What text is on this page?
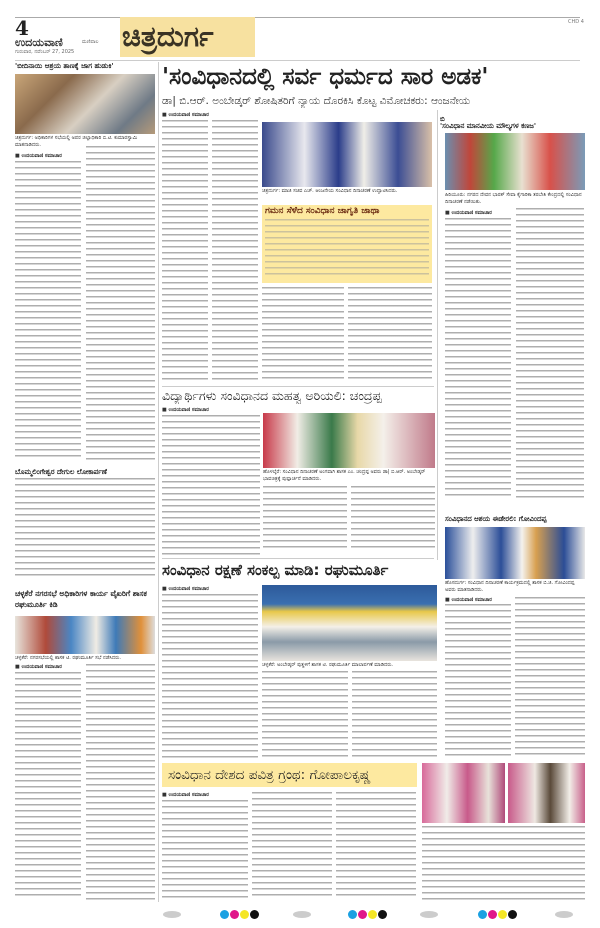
4
ಉದಯವಾಣಿ	ಮಣಿಪಾಲ
ಗುರುವಾರ, ನವೆಂಬರ್ 27, 2025 ಚಿತ್ರದುರ್ಗ	CHD 4
'ಬೀದಿನಾಯಿ ಆಶ್ರಯ ತಾಣಕ್ಕೆ ಜಾಗ ಹುಡುಕಿ'
ಚಿತ್ರದುರ್ಗ: ಅಧಿಕಾರಿಗಳ ಸಭೆಯಲ್ಲಿ ಅಪರ ಜಿಲ್ಲಾಧಿಕಾರಿ ಬಿ.ಟಿ. ಕುಮಾರಸ್ವಾಮಿ ಮಾತನಾಡಿದರು.
■ ಉದಯವಾಣಿ ಸಮಾಚಾರ
'ಸಂವಿಧಾನದಲ್ಲಿ ಸರ್ವ ಧರ್ಮದ ಸಾರ ಅಡಕ'
ಡಾ| ಬಿ.ಆರ್. ಅಂಬೇಡ್ಕರ್‌ ಶೋಷಿತರಿಗೆ ನ್ಯಾಯ ದೊರಕಿಸಿ ಕೊಟ್ಟ ವಿಮೋಚಕರು: ಆಂಜನೇಯ
■ ಉದಯವಾಣಿ ಸಮಾಚಾರ
ಚಿತ್ರದುರ್ಗ: ಮಾಜಿ ಸಚಿವ ಎಚ್. ಆಂಜನೇಯ ಸಂವಿಧಾನ ದಿನಾಚರಣೆ ಉದ್ಘಾಟಿಸಿದರು.
ಗಮನ ಸೆಳೆದ ಸಂವಿಧಾನ ಜಾಗೃತಿ ಜಾಥಾ
ಬಿ
'ಸಂವಿಧಾನ ಮಾನವೀಯ ಮೌಲ್ಯಗಳ ಕಣಜ'
ಹಿರಿಯೂರು: ನಗರದ ದೇವನ ಭಾರತ್ ಸೇವಾ ಕೈಗಾರಿಕಾ ತರಬೇತಿ ಕೇಂದ್ರದಲ್ಲಿ ಸಂವಿಧಾನ ದಿನಾಚರಣೆ ನಡೆಯಿತು.
■ ಉದಯವಾಣಿ ಸಮಾಚಾರ
ವಿದ್ಯಾರ್ಥಿಗಳು ಸಂವಿಧಾನದ ಮಹತ್ವ ಅರಿಯಲಿ: ಚಂದ್ರಪ್ಪ
■ ಉದಯವಾಣಿ ಸಮಾಚಾರ
ಹೊಳಲ್ಕೆರೆ: ಸಂವಿಧಾನ ದಿನಾಚರಣೆ ಅಂಗವಾಗಿ ಶಾಸಕ ಎಂ. ಚಂದ್ರಪ್ಪ ಅವರು ಡಾ| ಬಿ.ಆರ್. ಅಂಬೇಡ್ಕರ್ ಭಾವಚಿತ್ರಕ್ಕೆ ಪುಷ್ಪಾರ್ಚನೆ ಮಾಡಿದರು.
ಬೊಮ್ಮಲಿಂಗೇಶ್ವರ ದೇಗುಲ ಲೋಕಾರ್ಪಣೆ
ಸಂವಿಧಾನದ ಆಶಯ ಈಡೇರಲಿ: ಗೋವಿಂದಪ್ಪ
ಹೊಸದುರ್ಗ: ಸಂವಿಧಾನ ದಿನಾಚರಣೆ ಕಾರ್ಯಕ್ರಮದಲ್ಲಿ ಶಾಸಕ ಬಿ.ಜಿ. ಗೋವಿಂದಪ್ಪ ಅವರು ಮಾತನಾಡಿದರು.
■ ಉದಯವಾಣಿ ಸಮಾಚಾರ
ಚಳ್ಳಕೆರೆ ನಗರಸಭೆ ಅಧಿಕಾರಿಗಳ ಕಾರ್ಯ ವೈಖರಿಗೆ ಶಾಸಕ ರಘುಮೂರ್ತಿ ಕಿಡಿ
ಚಳ್ಳಕೆರೆ: ನಗರಸಭೆಯಲ್ಲಿ ಶಾಸಕ ಟಿ. ರಘುಮೂರ್ತಿ ಸಭೆ ನಡೆಸಿದರು.
■ ಉದಯವಾಣಿ ಸಮಾಚಾರ
ಸಂವಿಧಾನ ರಕ್ಷಣೆ ಸಂಕಲ್ಪ ಮಾಡಿ: ರಘುಮೂರ್ತಿ
■ ಉದಯವಾಣಿ ಸಮಾಚಾರ
ಚಳ್ಳಕೆರೆ: ಅಂಬೇಡ್ಕರ್ ಪುತ್ಥಳಿಗೆ ಶಾಸಕ ಟಿ. ರಘುಮೂರ್ತಿ ಮಾಲಾರ್ಪಣೆ ಮಾಡಿದರು.
ಸಂವಿಧಾನ ದೇಶದ ಪವಿತ್ರ ಗ್ರಂಥ: ಗೋಪಾಲಕೃಷ್ಣ
■ ಉದಯವಾಣಿ ಸಮಾಚಾರ
